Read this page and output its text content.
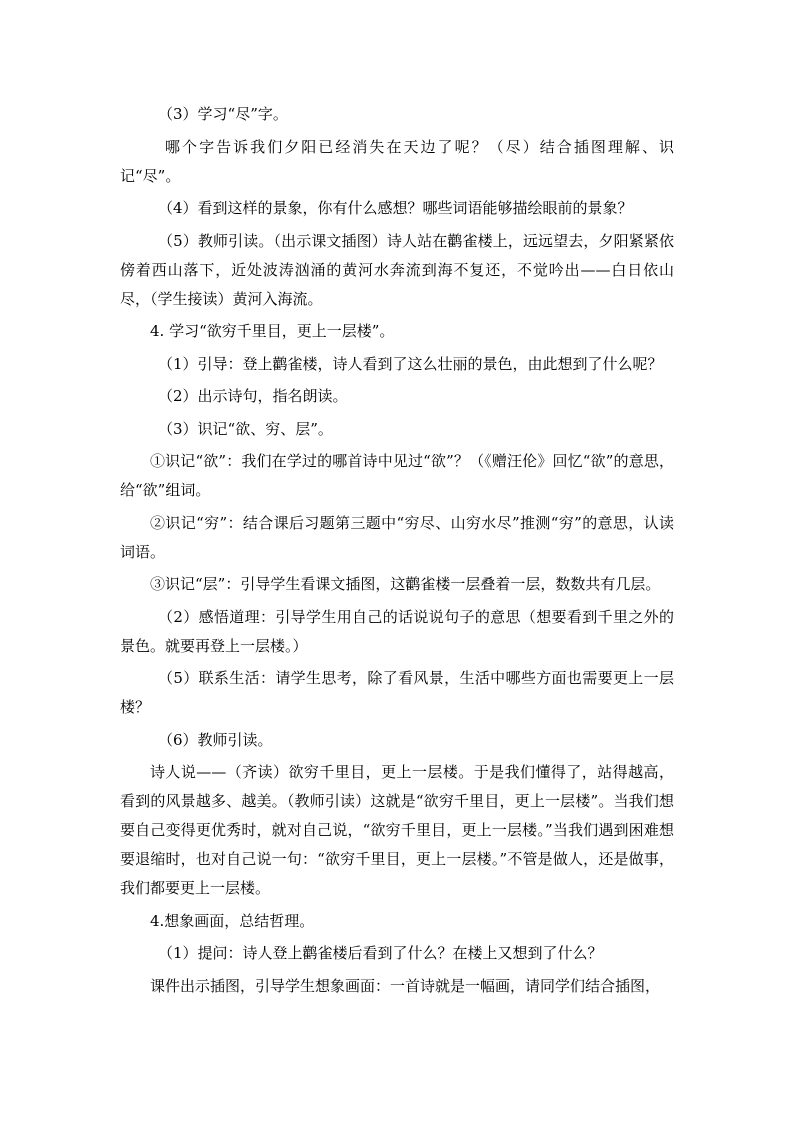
（3）学习“尽”字。

哪个字告诉我们夕阳已经消失在天边了呢？（尽）结合插图理解、识记“尽”。

（4）看到这样的景象，你有什么感想？哪些词语能够描绘眼前的景象？

（5）教师引读。（出示课文插图）诗人站在鹳雀楼上，远远望去，夕阳紧紧依傍着西山落下，近处波涛汹涌的黄河水奔流到海不复还，不觉吟出——白日依山尽，（学生接读）黄河入海流。

4. 学习“欲穷千里目，更上一层楼”。

（1）引导：登上鹳雀楼，诗人看到了这么壮丽的景色，由此想到了什么呢？

（2）出示诗句，指名朗读。

（3）识记“欲、穷、层”。

①识记“欲”：我们在学过的哪首诗中见过“欲”？（《赠汪伦》回忆“欲”的意思，给“欲”组词。

②识记“穷”：结合课后习题第三题中“穷尽、山穷水尽”推测“穷”的意思，认读词语。

③识记“层”：引导学生看课文插图，这鹳雀楼一层叠着一层，数数共有几层。

（2）感悟道理：引导学生用自己的话说说句子的意思（想要看到千里之外的景色。就要再登上一层楼。）

（5）联系生活：请学生思考，除了看风景，生活中哪些方面也需要更上一层楼？

（6）教师引读。

诗人说——（齐读）欲穷千里目，更上一层楼。于是我们懂得了，站得越高，看到的风景越多、越美。（教师引读）这就是“欲穷千里目，更上一层楼”。当我们想要自己变得更优秀时，就对自己说，“欲穷千里目，更上一层楼。”当我们遇到困难想要退缩时，也对自己说一句：“欲穷千里目，更上一层楼。”不管是做人，还是做事，我们都要更上一层楼。

4.想象画面，总结哲理。

（1）提问：诗人登上鹳雀楼后看到了什么？在楼上又想到了什么？

课件出示插图，引导学生想象画面：一首诗就是一幅画，请同学们结合插图，
